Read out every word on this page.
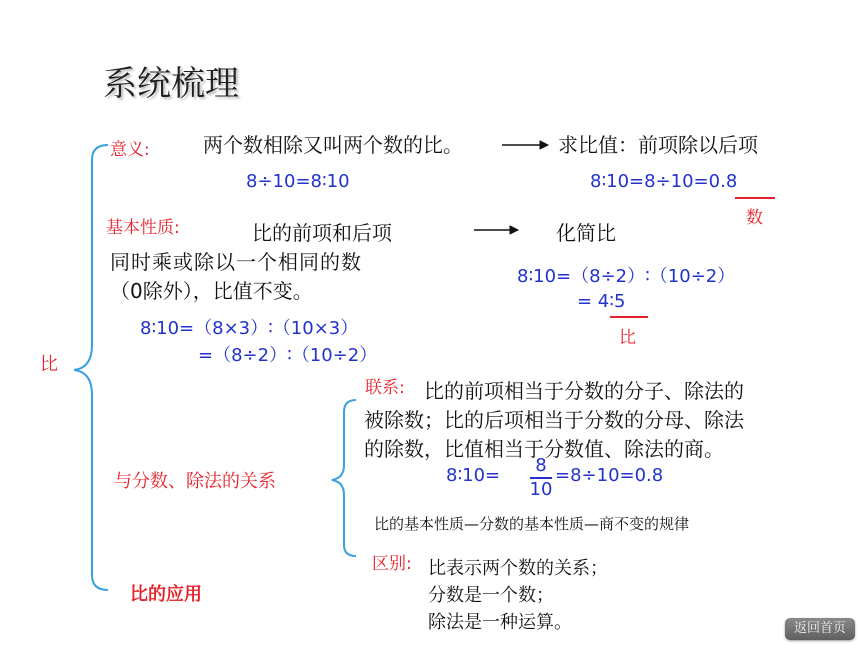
系统梳理
比
意义:	两个数相除又叫两个数的比。	求比值：前项除以后项
8÷10=8∶10	8∶10=8÷10=0.8
数
基本性质:	比的前项和后项
同时乘或除以一个相同的数
（0除外），比值不变。
8∶10=（8×3）∶（10×3）
=（8÷2）∶（10÷2）
化简比
8∶10=（8÷2）∶（10÷2）
= 4∶5
比
与分数、除法的关系
联系: 比的前项相当于分数的分子、除法的
被除数；比的后项相当于分数的分母、除法
的除数，比值相当于分数值、除法的商。
8∶10=	8
10
=8÷10=0.8
比的基本性质—分数的基本性质—商不变的规律
区别: 比表示两个数的关系；
分数是一个数；
除法是一种运算。
比的应用
返回首页
